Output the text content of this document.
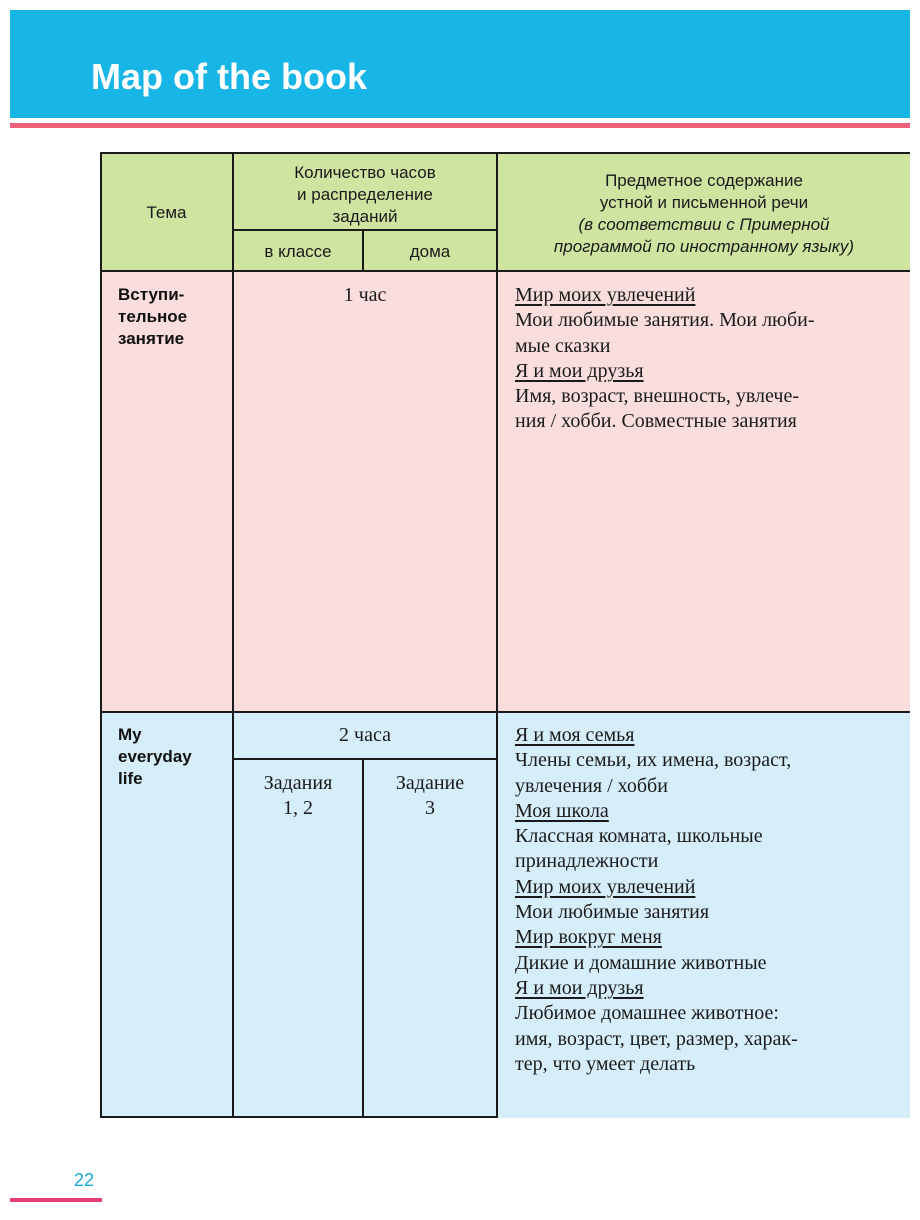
Map of the book
Тема
Количество часов
и распределение
заданий
в классе	дома
Предметное содержание
устной и письменной речи
(в соответствии с Примерной
программой по иностранному языку)
Вступи-
тельное
занятие
1 час	Мир моих увлечений
Мои любимые занятия. Мои люби-
мые сказки
Я и мои друзья
Имя, возраст, внешность, увлече-
ния / хобби. Совместные занятия
My
everyday
life
2 часа
Задания
1, 2
Задание
3
Я и моя семья
Члены семьи, их имена, возраст,
увлечения / хобби
Моя школа
Классная комната, школьные
принадлежности
Мир моих увлечений
Мои любимые занятия
Мир вокруг меня
Дикие и домашние животные
Я и мои друзья
Любимое домашнее животное:
имя, возраст, цвет, размер, харак-
тер, что умеет делать
22
